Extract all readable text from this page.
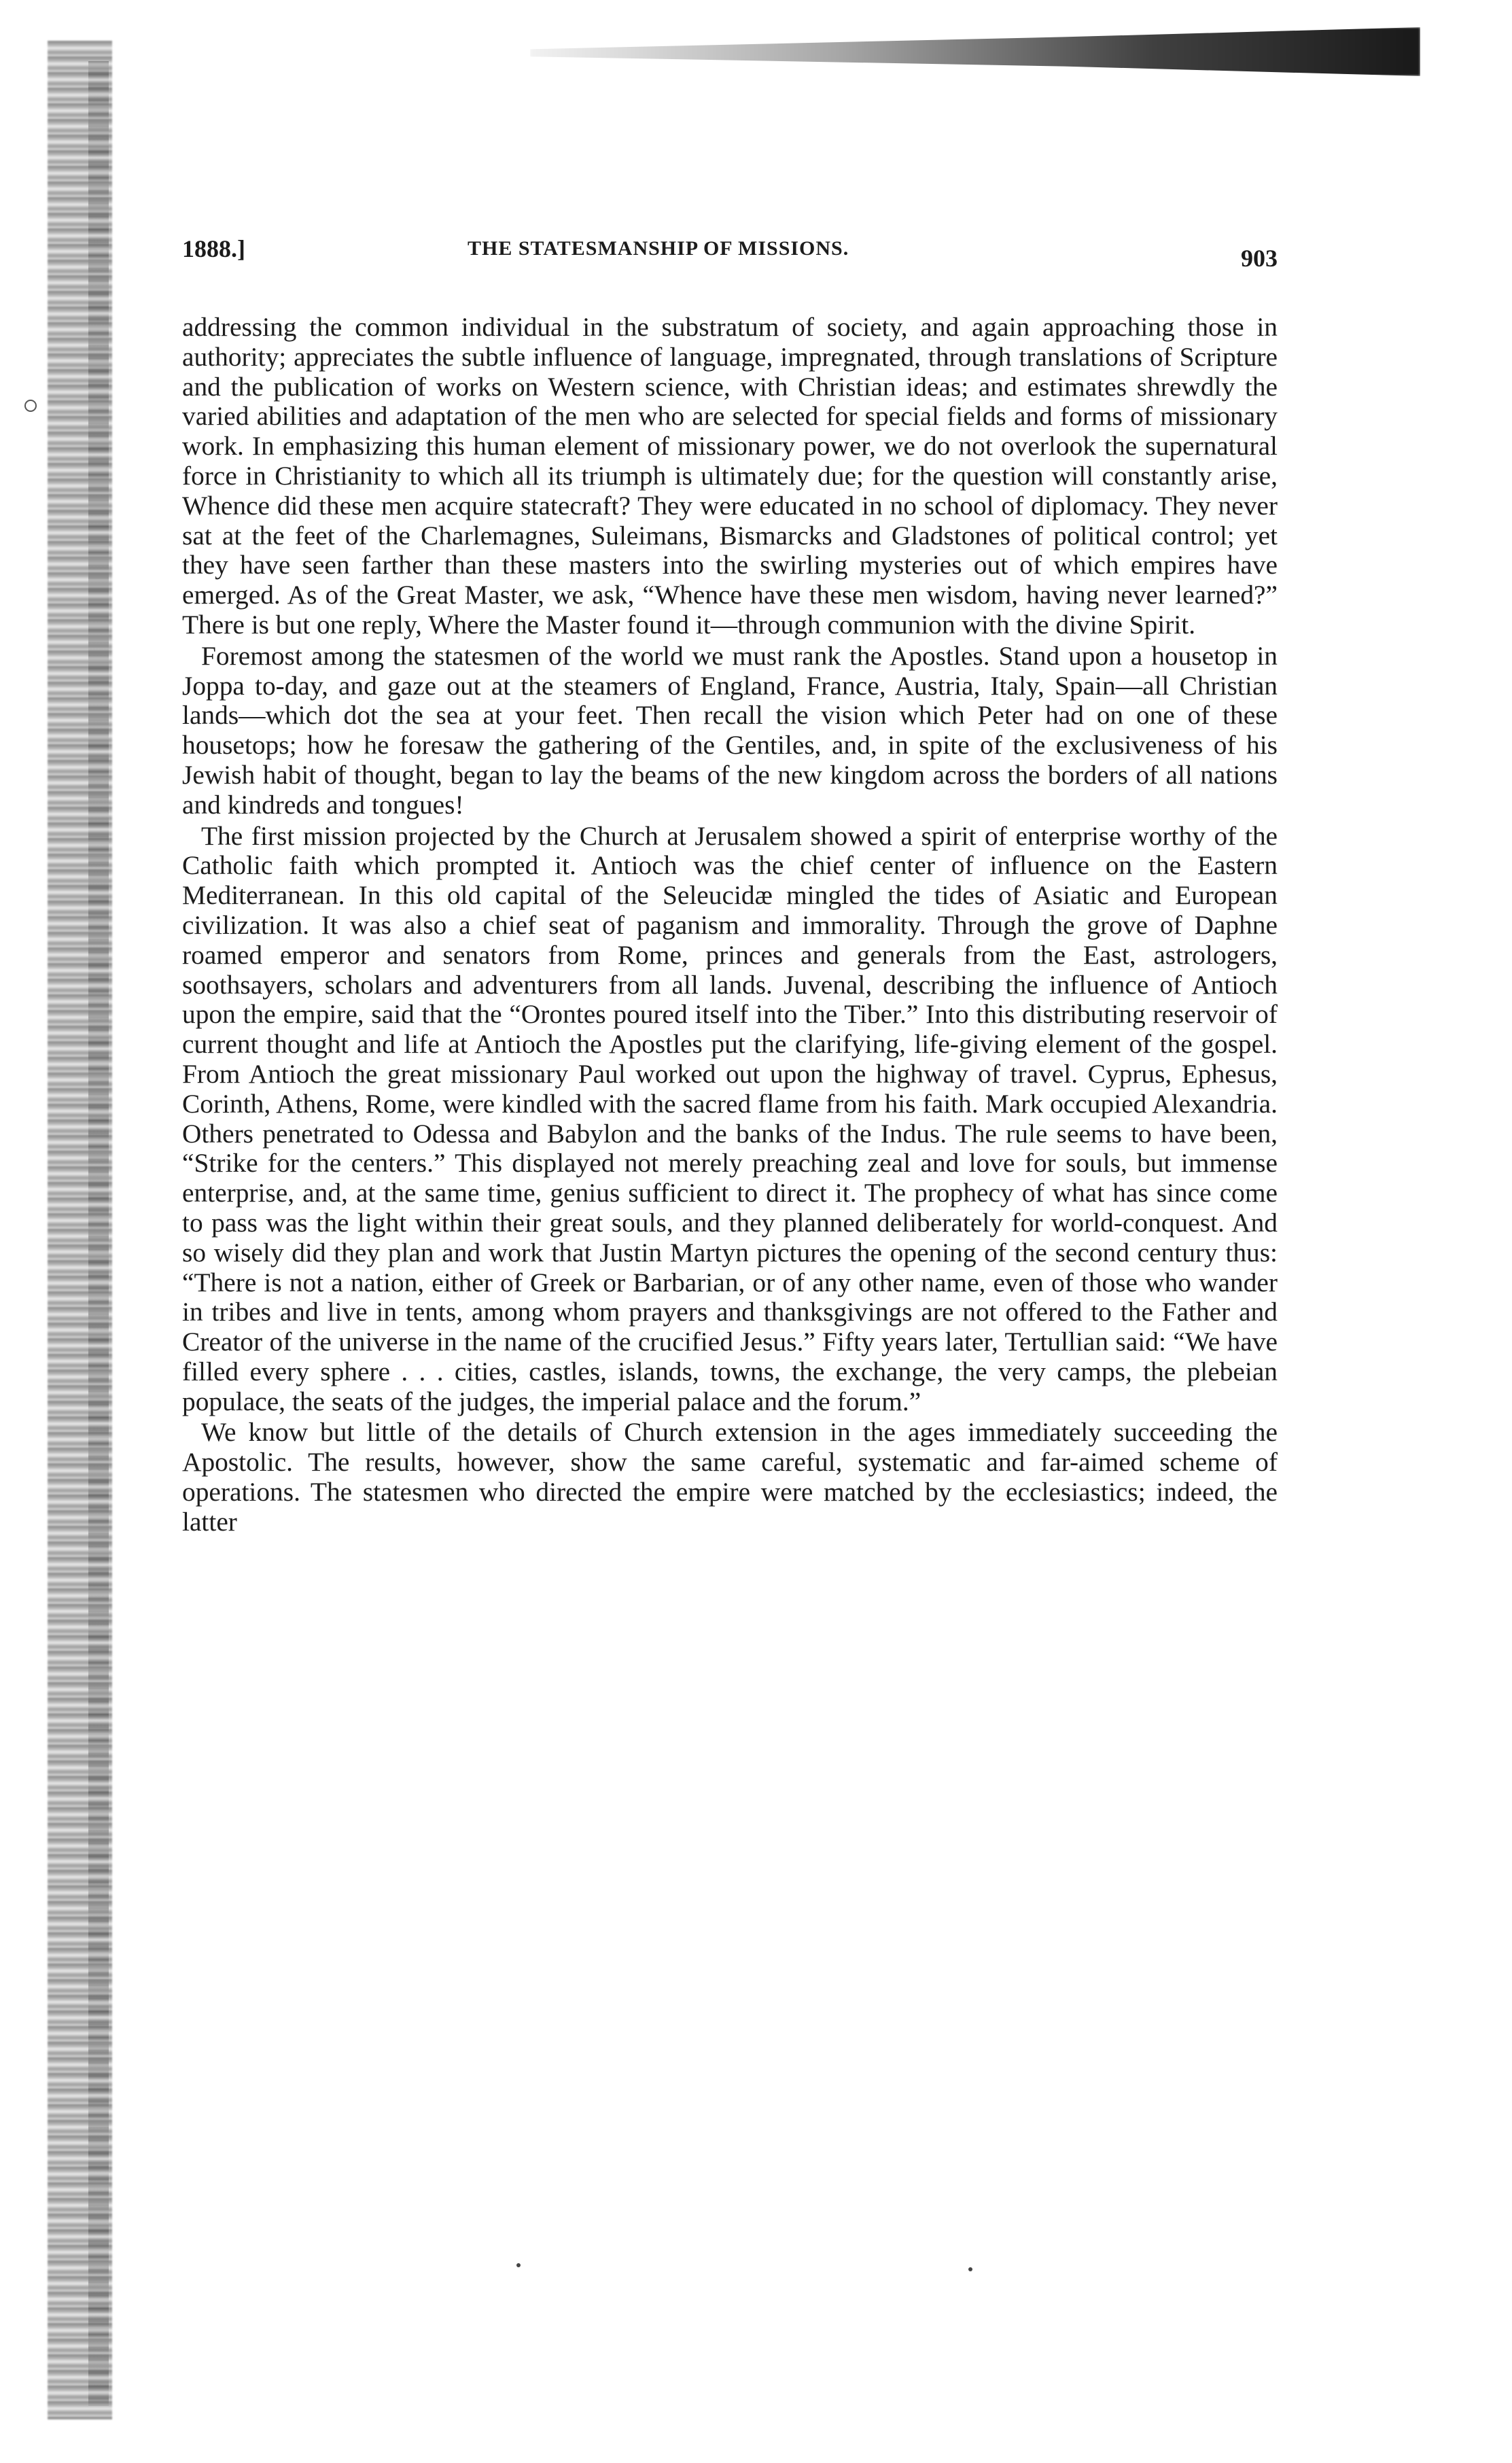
1888.]	THE STATESMANSHIP OF MISSIONS.	903

addressing the common individual in the substratum of society, and again approaching those in authority; appreciates the subtle influence of language, impregnated, through translations of Scripture and the publication of works on Western science, with Christian ideas; and estimates shrewdly the varied abilities and adaptation of the men who are selected for special fields and forms of missionary work. In emphasizing this human element of missionary power, we do not overlook the supernatural force in Christianity to which all its triumph is ultimately due; for the question will constantly arise, Whence did these men acquire statecraft? They were educated in no school of diplomacy. They never sat at the feet of the Charlemagnes, Suleimans, Bismarcks and Gladstones of political control; yet they have seen farther than these masters into the swirling mysteries out of which empires have emerged. As of the Great Master, we ask, “Whence have these men wisdom, having never learned?” There is but one reply, Where the Master found it—through communion with the divine Spirit.

Foremost among the statesmen of the world we must rank the Apostles. Stand upon a housetop in Joppa to-day, and gaze out at the steamers of England, France, Austria, Italy, Spain—all Christian lands—which dot the sea at your feet. Then recall the vision which Peter had on one of these housetops; how he foresaw the gathering of the Gentiles, and, in spite of the exclusiveness of his Jewish habit of thought, began to lay the beams of the new kingdom across the borders of all nations and kindreds and tongues!

The first mission projected by the Church at Jerusalem showed a spirit of enterprise worthy of the Catholic faith which prompted it. Antioch was the chief center of influence on the Eastern Mediterranean. In this old capital of the Seleucidæ mingled the tides of Asiatic and European civilization. It was also a chief seat of paganism and immorality. Through the grove of Daphne roamed emperor and senators from Rome, princes and generals from the East, astrologers, soothsayers, scholars and adventurers from all lands. Juvenal, describing the influence of Antioch upon the empire, said that the “Orontes poured itself into the Tiber.” Into this distributing reservoir of current thought and life at Antioch the Apostles put the clarifying, life-giving element of the gospel. From Antioch the great missionary Paul worked out upon the highway of travel. Cyprus, Ephesus, Corinth, Athens, Rome, were kindled with the sacred flame from his faith. Mark occupied Alexandria. Others penetrated to Odessa and Babylon and the banks of the Indus. The rule seems to have been, “Strike for the centers.” This displayed not merely preaching zeal and love for souls, but immense enterprise, and, at the same time, genius sufficient to direct it. The prophecy of what has since come to pass was the light within their great souls, and they planned deliberately for world-conquest. And so wisely did they plan and work that Justin Martyn pictures the opening of the second century thus: “There is not a nation, either of Greek or Barbarian, or of any other name, even of those who wander in tribes and live in tents, among whom prayers and thanksgivings are not offered to the Father and Creator of the universe in the name of the crucified Jesus.” Fifty years later, Tertullian said: “We have filled every sphere . . . cities, castles, islands, towns, the exchange, the very camps, the plebeian populace, the seats of the judges, the imperial palace and the forum.”

We know but little of the details of Church extension in the ages immediately succeeding the Apostolic. The results, however, show the same careful, systematic and far-aimed scheme of operations. The statesmen who directed the empire were matched by the ecclesiastics; indeed, the latter
